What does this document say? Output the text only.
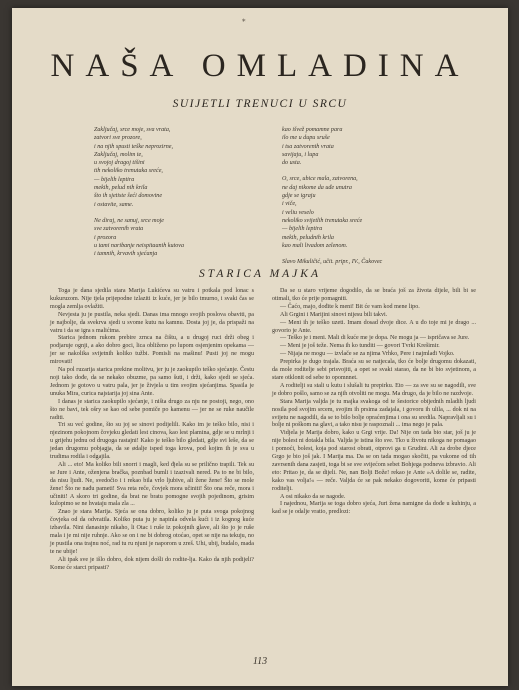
*
NAŠA OMLADINA
SUIJETLI TRENUCI U SRCU
Zaklјučaj, srce moje, sva vrata,
zatvori sve prozore,
i na njih spusti teške neprozirne,
Zaklјučaj, molim te,
u svojoj dragoj tišini
tih nekoliko trenutaka sreće,
— bijelih leptira
mekih, pelud nih krila
što ih sjetiste šeći domovine
i ostavite, same.
Ne diraj, ne sanuj, srce moje
sve zatvorenih vrata
i prozora
u tami naribanje neispitaanih kutova
i tamnih, krvavih sjećanja
kao išvež pomamne para
ilo me u dupu sruše
i tsa zatvorenih vrata
savijaju, i lupa
do usta.
O, srce, ubice mala, zatvorena,
ne daj nikome da uđe unutra
gdje se igraju
i viče,
i veliu veselo
nekoliko svijetlih trenutaka sreće
— bijelih leptira
mekih, peludnih krila
kao mali livadom zelenom.
Slavo Mikuličić, učit. pripr., IV., Čakovec
STARICA MAJKA

Toga je dana sjedila stara Marija Lukićeva su vatru i potkala pod lonac s kukuruzom. Nije tjela prijepodne izlaziti iz kuće, jer je bilo tmurno, i svaki čas se mogla zemlja ovlažiti.

Nevjesta ju je pustila, neka sjedi. Danas ima mnogo svojih poslova obaviti, pa je najbolje, da svekrva sjedi u svome kutu na kamnu. Dosta joj je, da prispaži na vatru i da se igra s malićima.

Starica jednom rukom prebire zrnca na čištu, a u drugoj ruci drži obeg i podjaruje ognji, a ako dobro goci, lica obliženo po lupom osjenjenim opekama — jer se nakolika svijetnih koliko tužbi. Pomisli na mašinu! Pusti joj ne mogu mirovati!

Na pol ruzarija starica prekine molitvu, jer ju je zaokupilo teško sjećanje. Čestu noji tako dođe, da se nekako obuzme, pa samo šuti, i drži, kako sjedi se sjeća. Jednom je gotovo u vatru pala, jer je živjela u tim svojim sjećanjima. Spasila je unuka Mira, curica najstarija joj sina Ante.

I danas je starica zaokupilo sjećanje, i ništa drugo za nju ne postoji, nego, ono što ne bavi, tek ošry se kao od sebe pomiče po kamenu — jer ne se ruke naučile raditi.

Tri su već godine, što su joj se sinovi podijelili. Kako im je teško bilo, nisi i njezinom pokojnom čovjeku gledati lest cinova, kao lest plamina, gdje se u mrlnji i u grijehu jednu od drugoga rastajni! Kako je teško bilo gledati, gdje svi leše, da se jedan drugomu pobjagja, da se ødalje isped toga krova, pod kojim ih je sva u trudima rodila i odgajila.

Ali ... eto! Ma koliko bili snorri i magli, ked đjela su se prilično trapili. Tek su se Jure i Ante, oženjena bračka, poznbad bumli i izazivali nered. Pa to ne bi bilo, da nisu ljudi. Ne, svedočio i i rekao bila vrlo ljubive, ali žene žene! Što se mole žene! Što ne nađu pameti! Sva reta reče, čovjek mora učiniti! Što ona reče, mora i učiniti! A skoro tri godine, da brat ne bratu pomogne svojih pojedinom, grisim kulopimo se ne hvataju mala zla ...

Znao je stara Marija. Sjeća se ona dobro, koliko ju je puta svoga pokojnog čovjeka od da odvratila. Koliko puta ju je napinla odvela kući i iz kognog kuće izbavila. Nini danasinje nikaho, li Otac i ruše iz pokojnih glave, ali što jo je ruše mala i je mi nije ruhnje. Ako se on i ne bi dobrog otoćao, opet se nije na tekuju, no je pustila ona trajnu noć, rad tu ru njuni je naporom u zreš. Uhi, ubij, budalo, mada te ne ubije!

Ali ipak sve je išlo dobro, dok nijem došli do rodite-lja. Kako da njih podijeli? Kome će starci pripasti?

Da se u staro vrijeme dogodilo, da se braća još za života dijele, bili bi se otimali, tko će prije pomagniti.

— Čaćo, majo, dođite k meni! Bit će vam kod mene lipo.

Ali Grgini i Marijini sinovi nijesu bili takvi.

— Meni ih je teško uzeti. Imam dosad dvoje dice. A u đo toje mi je drago ... govorio je Ante.

— Teško je i meni. Mali di kuće me je dopa. Ne mogu ja — ispričava se Jure.

— Meni je još teže. Nema ih ko tunditi — govori Tvrki Krešimir.

— Nijaja ne mogu — izvlače se za njima Vrhko, Pere i najmlađi Vojko.

Prepirka je dugo trajala. Braća su se natjecala, tko će bolje drugomu dokazati, da mole roditelje sebi prisvojiti, a opet se svaki starao, da ne bi bio svjetinom, a stare otklonit od sebe to opomnnet.

A roditelji su stali u kutu i slušali tu prepirku. Eto — za sve su se nagodili, sve je dobro pošlo, samo se za njih otvoliti ne mogu. Ma drugo, da je bilo ne razdvoje.

Stara Marija valjda je tu majka svakoga od te šestorice obijednih mladih ljudi nosila pod svojim srcem, svojim ih prsima zadajala, i govoru ih ulila, ... dok ni na svijetu ne nagodili, da se to bilo bolje opraćenjima i ona su sredila. Napravljali su i bolje ni poškom na glavi, a tako nisu je raspoznali ... ima nego je pala.

Vidjela je Marija dobro, kako u Grgi vrije. Da! Nije on tada bio star, još ju je nije bolest ni dotakla bila. Valjda je istina što sve. Tko u životu nikoga ne pomagao i pomoći, bolest, koja pod starost obrati, otprovi ga u Grudini. Ali za drobe djece Grgo je bio još jak. I Marija ma. Da se on tada mogao skočiti, pa vukome od tih zavrsenih dana zasjeti, toga bi se sve svijećom sebet Bohjega podneva izbravio. Ali eto: Pritao je, da se dijeli. Ne, nan Bolji Bože! rekao je Ante »A dolile se, radite, kako vas volja!« — reče. Valjda će se pak nekako dogovoriti, kome će pripasti roditelji.

A osi nikako da se nagode.

I najednou, Marija se toga dobro sjeća, Juri žena namigne da dođe u kuhinju, a kad se je odalje vratio, predlozi:

113
